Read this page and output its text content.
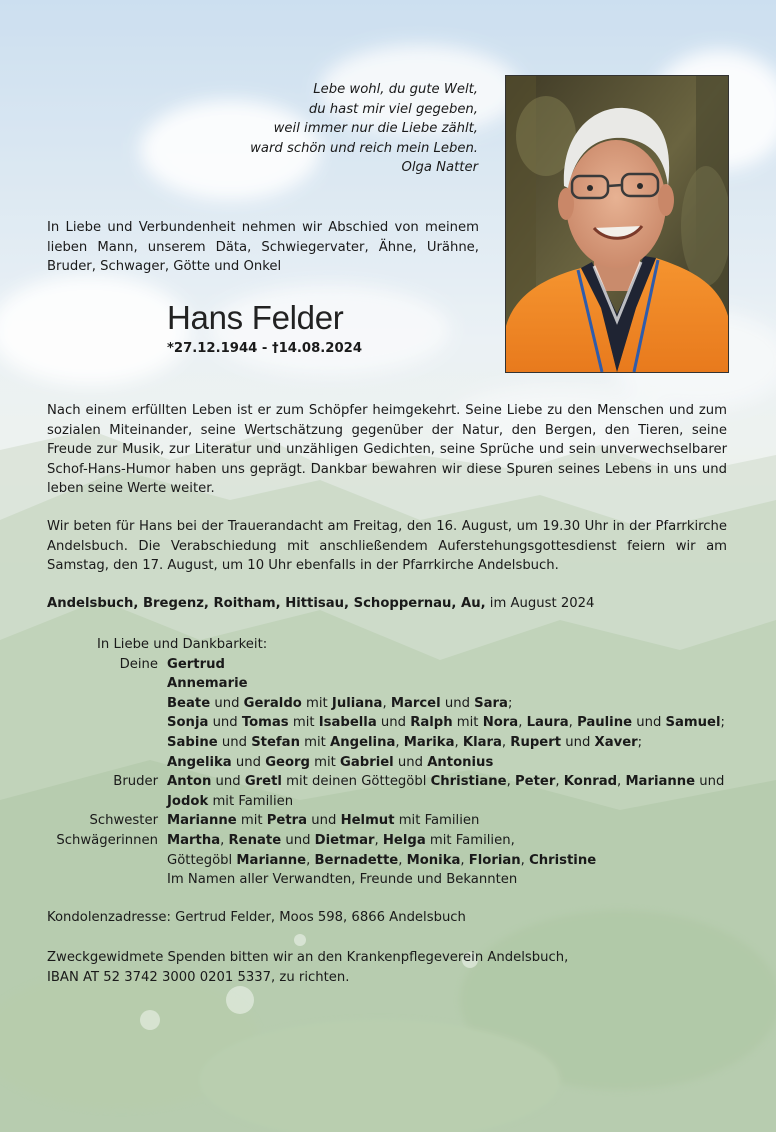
Lebe wohl, du gute Welt,
du hast mir viel gegeben,
weil immer nur die Liebe zählt,
ward schön und reich mein Leben.
Olga Natter
In Liebe und Verbundenheit nehmen wir Abschied von meinem lieben Mann, unserem Däta, Schwiegervater, Ähne, Urähne, Bruder, Schwager, Götte und Onkel
Hans Felder
*27.12.1944 - †14.08.2024
Nach einem erfüllten Leben ist er zum Schöpfer heimgekehrt. Seine Liebe zu den Menschen und zum sozialen Miteinander, seine Wertschätzung gegenüber der Natur, den Bergen, den Tieren, seine Freude zur Musik, zur Literatur und unzähligen Gedichten, seine Sprüche und sein unverwechselbarer Schof-Hans-Humor haben uns geprägt. Dankbar bewahren wir diese Spuren seines Lebens in uns und leben seine Werte weiter.
Wir beten für Hans bei der Trauerandacht am Freitag, den 16. August, um 19.30 Uhr in der Pfarrkirche Andelsbuch. Die Verabschiedung mit anschließendem Auferstehungsgottesdienst feiern wir am Samstag, den 17. August, um 10 Uhr ebenfalls in der Pfarrkirche Andelsbuch.
Andelsbuch, Bregenz, Roitham, Hittisau, Schoppernau, Au, im August 2024
In Liebe und Dankbarkeit:
Deine Gertrud
Annemarie
Beate und Geraldo mit Juliana, Marcel und Sara;
Sonja und Tomas mit Isabella und Ralph mit Nora, Laura, Pauline und Samuel;
Sabine und Stefan mit Angelina, Marika, Klara, Rupert und Xaver;
Angelika und Georg mit Gabriel und Antonius
Bruder Anton und Gretl mit deinen Göttegöbl Christiane, Peter, Konrad, Marianne und Jodok mit Familien
Schwester Marianne mit Petra und Helmut mit Familien
Schwägerinnen Martha, Renate und Dietmar, Helga mit Familien,
Göttegöbl Marianne, Bernadette, Monika, Florian, Christine
Im Namen aller Verwandten, Freunde und Bekannten
Kondolenzadresse: Gertrud Felder, Moos 598, 6866 Andelsbuch
Zweckgewidmete Spenden bitten wir an den Krankenpflegeverein Andelsbuch,
IBAN AT 52 3742 3000 0201 5337, zu richten.
